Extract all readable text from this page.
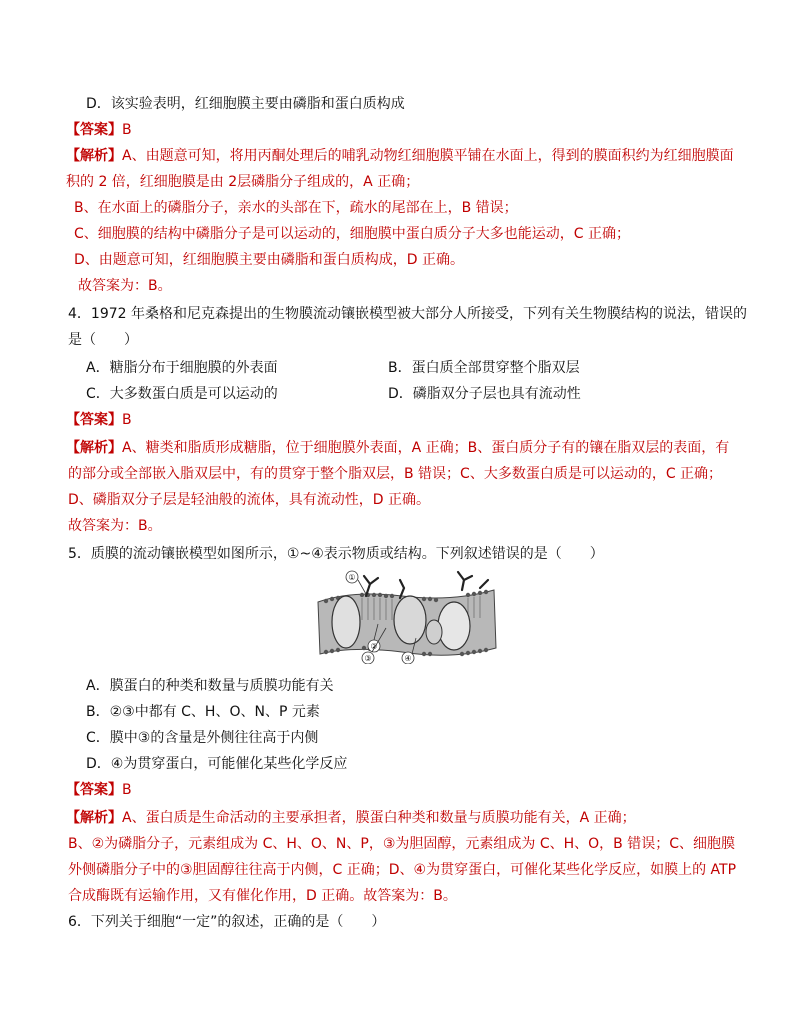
D．该实验表明，红细胞膜主要由磷脂和蛋白质构成
【答案】B
【解析】A、由题意可知，将用丙酮处理后的哺乳动物红细胞膜平铺在水面上，得到的膜面积约为红细胞膜面
积的 2 倍，红细胞膜是由 2层磷脂分子组成的，A 正确；
B、在水面上的磷脂分子，亲水的头部在下，疏水的尾部在上，B 错误；
C、细胞膜的结构中磷脂分子是可以运动的，细胞膜中蛋白质分子大多也能运动，C 正确；
D、由题意可知，红细胞膜主要由磷脂和蛋白质构成，D 正确。
故答案为：B。
4．1972 年桑格和尼克森提出的生物膜流动镶嵌模型被大部分人所接受，下列有关生物膜结构的说法，错误的
是（　　）
A．糖脂分布于细胞膜的外表面	B．蛋白质全部贯穿整个脂双层
C．大多数蛋白质是可以运动的	D．磷脂双分子层也具有流动性
【答案】B
【解析】A、糖类和脂质形成糖脂，位于细胞膜外表面，A 正确；B、蛋白质分子有的镶在脂双层的表面，有
的部分或全部嵌入脂双层中，有的贯穿于整个脂双层，B 错误；C、大多数蛋白质是可以运动的，C 正确；
D、磷脂双分子层是轻油般的流体，具有流动性，D 正确。
故答案为：B。
5．质膜的流动镶嵌模型如图所示，①~④表示物质或结构。下列叙述错误的是（　　）
①
②
③	④
A．膜蛋白的种类和数量与质膜功能有关
B．②③中都有 C、H、O、N、P 元素
C．膜中③的含量是外侧往往高于内侧
D．④为贯穿蛋白，可能催化某些化学反应
【答案】B
【解析】A、蛋白质是生命活动的主要承担者，膜蛋白种类和数量与质膜功能有关，A 正确；
B、②为磷脂分子，元素组成为 C、H、O、N、P，③为胆固醇，元素组成为 C、H、O，B 错误；C、细胞膜
外侧磷脂分子中的③胆固醇往往高于内侧，C 正确；D、④为贯穿蛋白，可催化某些化学反应，如膜上的 ATP
合成酶既有运输作用，又有催化作用，D 正确。故答案为：B。
6．下列关于细胞“一定”的叙述，正确的是（　　）
